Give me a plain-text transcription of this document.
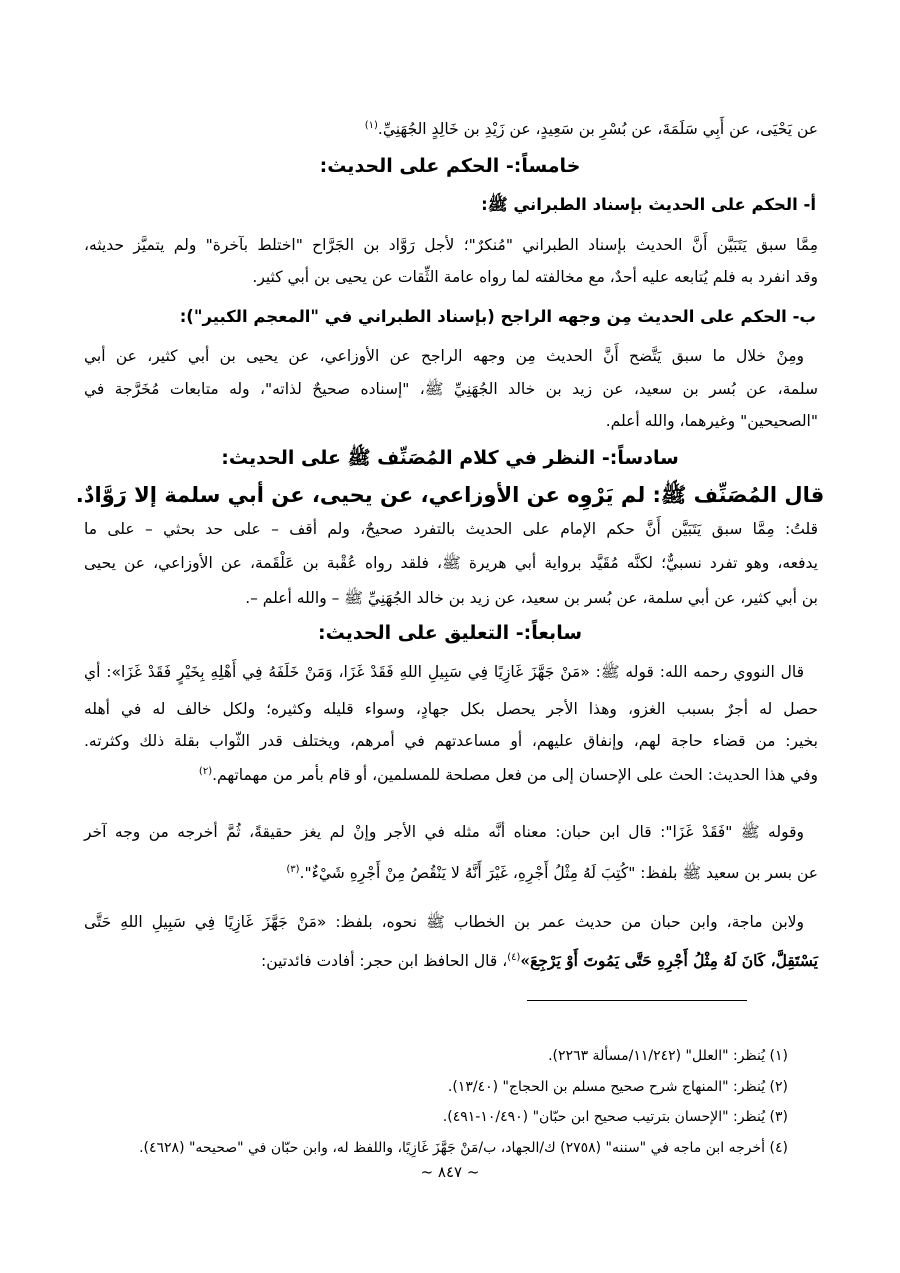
عن يَحْيَى، عن أَبِي سَلَمَةَ، عن بُسْرِ بن سَعِيدٍ، عن زَيْدِ بن خَالِدٍ الجُهَنِيِّ.$^{(١)}$
خامساً:- الحكم على الحديث:
أ- الحكم على الحديث بإسناد الطبراني ﷺ:
مِمَّا سبق يَتَبَيَّن أَنَّ الحديث بإسناد الطبراني "مُنكرٌ"؛ لأجل رَوَّاد بن الجَرَّاح "اختلط بآخرة" ولم يتميَّز حديثه،
وقد انفرد به فلم يُتابعه عليه أحدٌ، مع مخالفته لما رواه عامة الثِّقات عن يحيى بن أبي كثير.
ب- الحكم على الحديث مِن وجهه الراجح (بإسناد الطبراني في "المعجم الكبير"):
ومِنْ خلال ما سبق يَتَّضح أَنَّ الحديث مِن وجهه الراجح عن الأوزاعي، عن يحيى بن أبي كثير، عن أبي
سلمة، عن بُسر بن سعيد، عن زيد بن خالد الجُهَنِيِّ ﷺ، "إسناده صحيحٌ لذاته"، وله متابعات مُخَرَّجة في
"الصحيحين" وغيرهما، والله أعلم.
سادساً:- النظر في كلام المُصَنِّف ﷺ على الحديث:
قال المُصَنِّف ﷺ: لم يَرْوِه عن الأوزاعي، عن يحيى، عن أبي سلمة إلا رَوَّادٌ.
قلتُ: مِمَّا سبق يَتَبَيَّن أَنَّ حكم الإمام على الحديث بالتفرد صحيحٌ، ولم أقف – على حد بحثي – على ما
يدفعه، وهو تفرد نسبيٌّ؛ لكنَّه مُقَيَّد برواية أبي هريرة ﷺ، فلقد رواه عُقْبة بن عَلْقَمة، عن الأوزاعي، عن يحيى
بن أبي كثير، عن أبي سلمة، عن بُسر بن سعيد، عن زيد بن خالد الجُهَنِيِّ ﷺ – والله أعلم –.
سابعاً:- التعليق على الحديث:
قال النووي رحمه الله: قوله ﷺ: «مَنْ جَهَّزَ غَازِيًا فِي سَبِيلِ اللهِ فَقَدْ غَزَا، وَمَنْ خَلَفَهُ فِي أَهْلِهِ بِخَيْرٍ فَقَدْ غَزَا»: أي
حصل له أجرٌ بسبب الغزو، وهذا الأجر يحصل بكل جهادٍ، وسواء قليله وكثيره؛ ولكل خالف له في أهله
بخير: من قضاء حاجة لهم، وإنفاق عليهم، أو مساعدتهم في أمرهم، ويختلف قدر الثّواب بقلة ذلك وكثرته.
وفي هذا الحديث: الحث على الإحسان إلى من فعل مصلحة للمسلمين، أو قام بأمر من مهماتهم.$^{(٢)}$
وقوله ﷺ "فَقَدْ غَزَا": قال ابن حبان: معناه أنَّه مثله في الأجر وإنْ لم يغز حقيقةً، ثُمَّ أخرجه من وجه آخر
عن بسر بن سعيد ﷺ بلفظ: "كُتِبَ لَهُ مِثْلُ أَجْرِهِ، غَيْرَ أَنَّهُ لا يَنْقُصُ مِنْ أَجْرِهِ شَيْءٌ".$^{(٣)}$
ولابن ماجة، وابن حبان من حديث عمر بن الخطاب ﷺ نحوه، بلفظ: «مَنْ جَهَّزَ غَازِيًا فِي سَبِيلِ اللهِ حَتَّى
يَسْتَقِلَّ، كَانَ لَهُ مِثْلُ أَجْرِهِ حَتَّى يَمُوتَ أَوْ يَرْجِعَ»$^{(٤)}$، قال الحافظ ابن حجر: أفادت فائدتين:
(١) يُنظر: "العلل" (١١/٢٤٢/مسألة ٢٢٦٣).
(٢) يُنظر: "المنهاج شرح صحيح مسلم بن الحجاج" (١٣/٤٠).
(٣) يُنظر: "الإحسان بترتيب صحيح ابن حبّان" (١٠/٤٩٠-٤٩١).
(٤) أخرجه ابن ماجه في "سننه" (٢٧٥٨) ك/الجهاد، ب/مَنْ جَهَّزَ غَازِيًا، واللفظ له، وابن حبّان في "صحيحه" (٤٦٢٨).
~ ٨٤٧ ~
